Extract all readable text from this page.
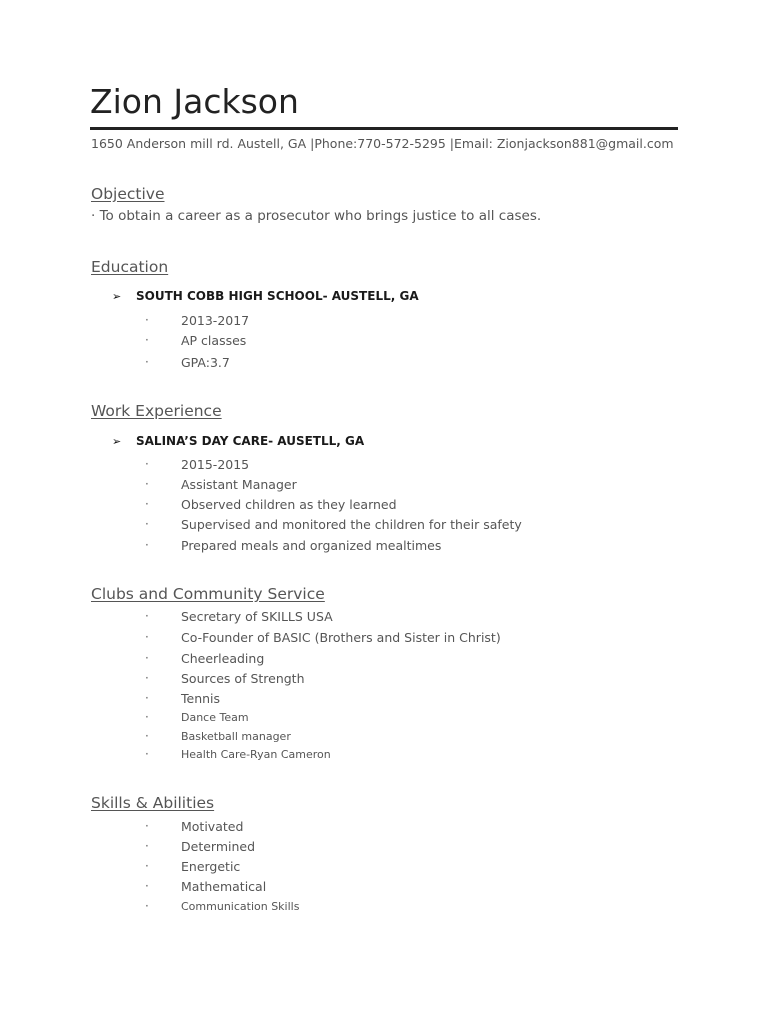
Zion Jackson
1650 Anderson mill rd. Austell, GA |Phone:770-572-5295 |Email: Zionjackson881@gmail.com
Objective
· To obtain a career as a prosecutor who brings justice to all cases.
Education
➢ SOUTH COBB HIGH SCHOOL- AUSTELL, GA
·	2013-2017
·	AP classes
·	GPA:3.7
Work Experience
➢ SALINA’S DAY CARE- AUSETLL, GA
·	2015-2015
·	Assistant Manager
·	Observed children as they learned
·	Supervised and monitored the children for their safety
·	Prepared meals and organized mealtimes
Clubs and Community Service
·	Secretary of SKILLS USA
·	Co-Founder of BASIC (Brothers and Sister in Christ)
·	Cheerleading
·	Sources of Strength
·	Tennis
·	Dance Team
·	Basketball manager
·	Health Care-Ryan Cameron
Skills & Abilities
·	Motivated
·	Determined
·	Energetic
·	Mathematical
·	Communication Skills
